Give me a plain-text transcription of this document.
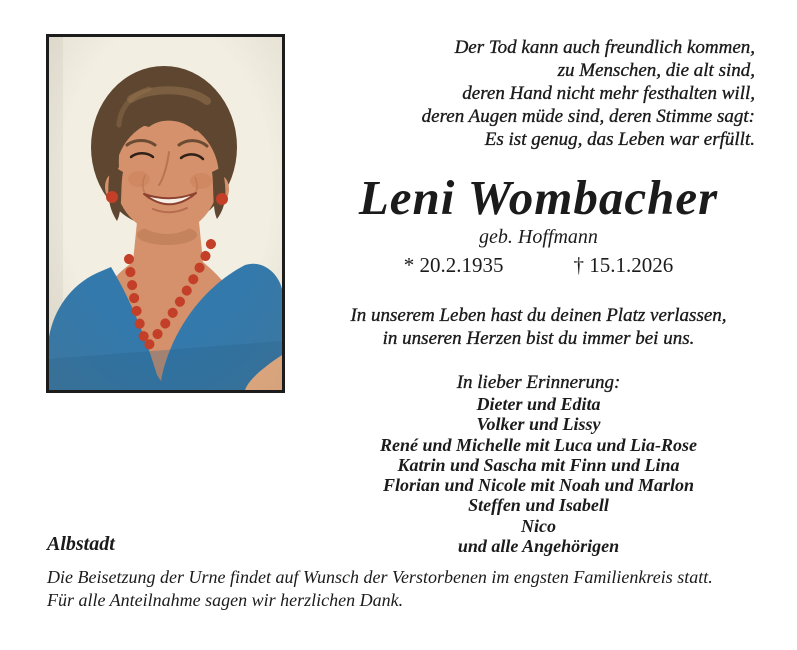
Der Tod kann auch freundlich kommen,
zu Menschen, die alt sind,
deren Hand nicht mehr festhalten will,
deren Augen müde sind, deren Stimme sagt:
Es ist genug, das Leben war erfüllt.
Leni Wombacher
geb. Hoffmann
* 20.2.1935	† 15.1.2026
In unserem Leben hast du deinen Platz verlassen,
in unseren Herzen bist du immer bei uns.
In lieber Erinnerung:
Dieter und Edita
Volker und Lissy
René und Michelle mit Luca und Lia-Rose
Katrin und Sascha mit Finn und Lina
Florian und Nicole mit Noah und Marlon
Steffen und Isabell
Nico
und alle Angehörigen
Albstadt
Die Beisetzung der Urne findet auf Wunsch der Verstorbenen im engsten Familienkreis statt.
Für alle Anteilnahme sagen wir herzlichen Dank.
